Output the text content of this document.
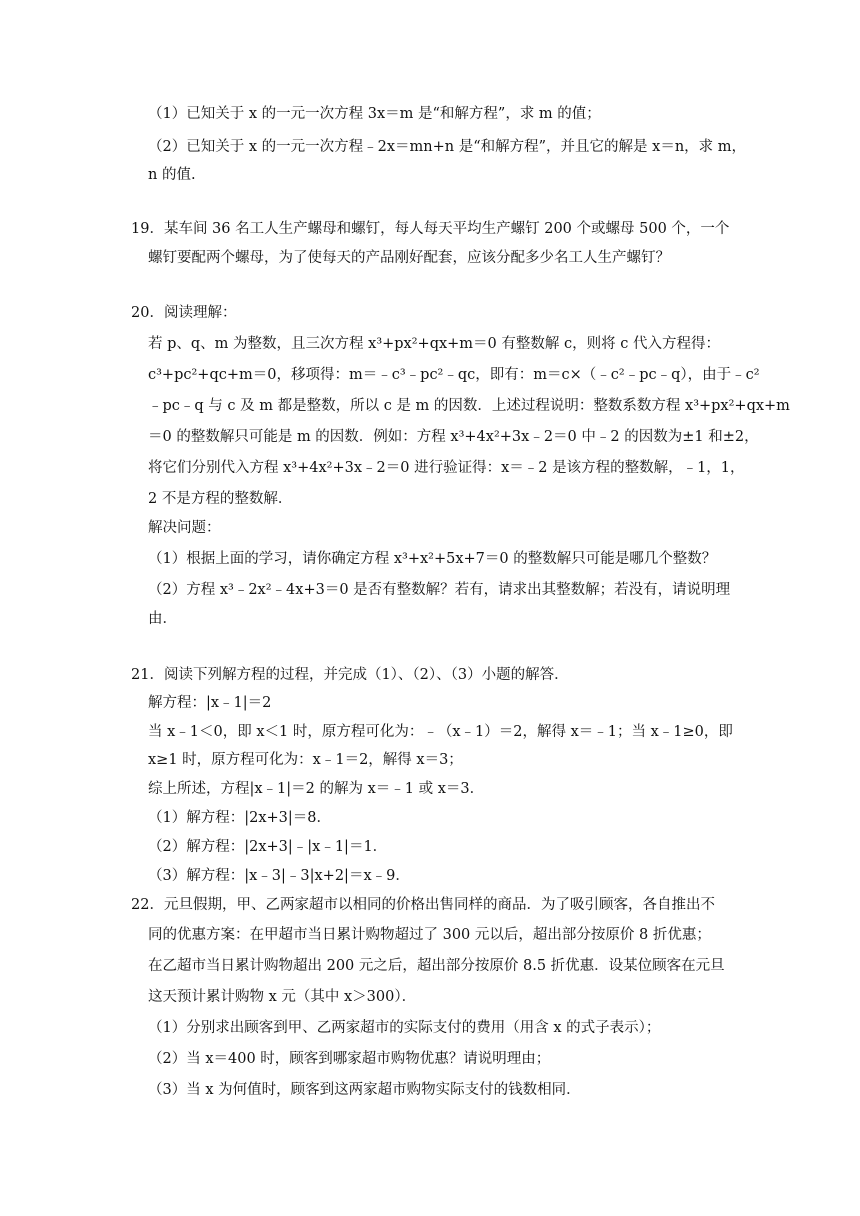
（1）已知关于 x 的一元一次方程 3x＝m 是“和解方程”，求 m 的值；
（2）已知关于 x 的一元一次方程﹣2x＝mn+n 是“和解方程”，并且它的解是 x＝n，求 m，
n 的值.
19．某车间 36 名工人生产螺母和螺钉，每人每天平均生产螺钉 200 个或螺母 500 个，一个
螺钉要配两个螺母，为了使每天的产品刚好配套，应该分配多少名工人生产螺钉？
20．阅读理解：
若 p、q、m 为整数，且三次方程 x³+px²+qx+m＝0 有整数解 c，则将 c 代入方程得：
c³+pc²+qc+m＝0，移项得：m＝﹣c³﹣pc²﹣qc，即有：m＝c×（﹣c²﹣pc﹣q），由于﹣c²
﹣pc﹣q 与 c 及 m 都是整数，所以 c 是 m 的因数．上述过程说明：整数系数方程 x³+px²+qx+m
＝0 的整数解只可能是 m 的因数．例如：方程 x³+4x²+3x﹣2＝0 中﹣2 的因数为±1 和±2，
将它们分别代入方程 x³+4x²+3x﹣2＝0 进行验证得：x＝﹣2 是该方程的整数解，﹣1，1，
2 不是方程的整数解．
解决问题：
（1）根据上面的学习，请你确定方程 x³+x²+5x+7＝0 的整数解只可能是哪几个整数？
（2）方程 x³﹣2x²﹣4x+3＝0 是否有整数解？若有，请求出其整数解；若没有，请说明理
由．
21．阅读下列解方程的过程，并完成（1）、（2）、（3）小题的解答．
解方程：|x﹣1|＝2
当 x﹣1＜0，即 x＜1 时，原方程可化为：﹣（x﹣1）＝2，解得 x＝﹣1；当 x﹣1≥0，即
x≥1 时，原方程可化为：x﹣1＝2，解得 x＝3；
综上所述，方程|x﹣1|＝2 的解为 x＝﹣1 或 x＝3．
（1）解方程：|2x+3|＝8．
（2）解方程：|2x+3|﹣|x﹣1|＝1．
（3）解方程：|x﹣3|﹣3|x+2|＝x﹣9．
22．元旦假期，甲、乙两家超市以相同的价格出售同样的商品．为了吸引顾客，各自推出不
同的优惠方案：在甲超市当日累计购物超过了 300 元以后，超出部分按原价 8 折优惠；
在乙超市当日累计购物超出 200 元之后，超出部分按原价 8.5 折优惠．设某位顾客在元旦
这天预计累计购物 x 元（其中 x＞300）．
（1）分别求出顾客到甲、乙两家超市的实际支付的费用（用含 x 的式子表示）；
（2）当 x＝400 时，顾客到哪家超市购物优惠？请说明理由；
（3）当 x 为何值时，顾客到这两家超市购物实际支付的钱数相同．
